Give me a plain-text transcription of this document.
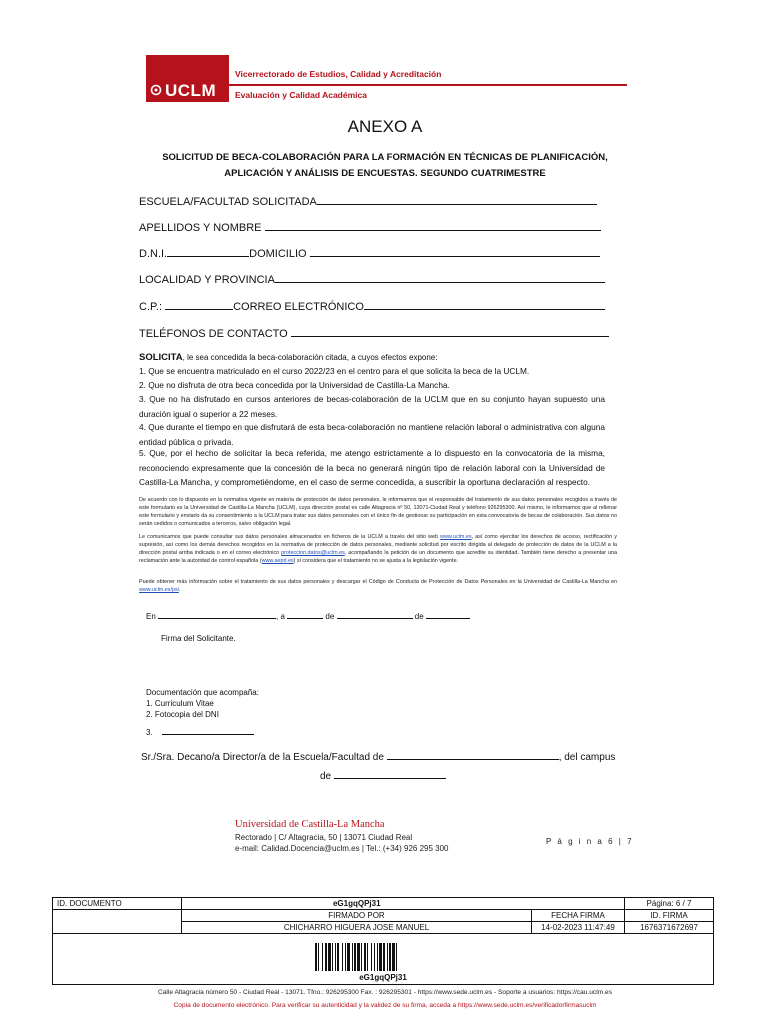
UCLM
Vicerrectorado de Estudios, Calidad y Acreditación
Evaluación y Calidad Académica
ANEXO A
SOLICITUD DE BECA-COLABORACIÓN PARA LA FORMACIÓN EN TÉCNICAS DE PLANIFICACIÓN, APLICACIÓN Y ANÁLISIS DE ENCUESTAS. SEGUNDO CUATRIMESTRE
ESCUELA/FACULTAD SOLICITADA
APELLIDOS Y NOMBRE
D.N.I.	DOMICILIO
LOCALIDAD Y PROVINCIA
C.P.:	CORREO ELECTRÓNICO
TELÉFONOS DE CONTACTO
SOLICITA, le sea concedida la beca-colaboración citada, a cuyos efectos expone:
1. Que se encuentra matriculado en el curso 2022/23 en el centro para el que solicita la beca de la UCLM.
2. Que no disfruta de otra beca concedida por la Universidad de Castilla-La Mancha.
3. Que no ha disfrutado en cursos anteriores de becas-colaboración de la UCLM que en su conjunto hayan supuesto una duración igual o superior a 22 meses.
4. Que durante el tiempo en que disfrutará de esta beca-colaboración no mantiene relación laboral o administrativa con alguna entidad pública o privada.
5. Que, por el hecho de solicitar la beca referida, me atengo estrictamente a lo dispuesto en la convocatoria de la misma, reconociendo expresamente que la concesión de la beca no generará ningún tipo de relación laboral con la Universidad de Castilla-La Mancha, y comprometiéndome, en el caso de serme concedida, a suscribir la oportuna declaración al respecto.
De acuerdo con lo dispuesto en la normativa vigente en materia de protección de datos personales, le informamos que el responsable del tratamiento de sus datos personales recogidos a través de este formulario es la Universidad de Castilla-La Mancha (UCLM), cuya dirección postal es calle Altagracia nº 50, 13071-Ciudad Real y teléfono 926295300. Así mismo, le informamos que al rellenar este formulario y enviarlo da su consentimiento a la UCLM para tratar sus datos personales con el único fin de gestionar su participación en esta convocatoria de becas de colaboración. Sus datos no serán cedidos o comunicados a terceros, salvo obligación legal.
Le comunicamos que puede consultar sus datos personales almacenados en ficheros de la UCLM a través del sitio web www.uclm.es, así como ejercitar los derechos de acceso, rectificación y supresión, así como los demás derechos recogidos en la normativa de protección de datos personales, mediante solicitud por escrito dirigida al delegado de protección de datos de la UCLM a la dirección postal arriba indicada o en el correo electrónico proteccion.datos@uclm.es, acompañando la petición de un documento que acredite su identidad. También tiene derecho a presentar una reclamación ante la autoridad de control española (www.aepd.es) si considera que el tratamiento no se ajusta a la legislación vigente.
Puede obtener más información sobre el tratamiento de sus datos personales y descargar el Código de Conducta de Protección de Datos Personales en la Universidad de Castilla-La Mancha en www.uclm.es/psi.
En	, a	de	de
Firma del Solicitante.
Documentación que acompaña:
1. Curriculum Vitae
2. Fotocopia del DNI
3.
Sr./Sra. Decano/a Director/a de la Escuela/Facultad de	, del campus
de
Universidad de Castilla-La Mancha
Rectorado | C/ Altagracia, 50 | 13071 Ciudad Real
e-mail: Calidad.Docencia@uclm.es | Tel.: (+34) 926 295 300
P á g i n a 6 | 7
ID. DOCUMENTO	eG1gqQPj31		Página: 6 / 7
	FIRMADO POR	FECHA FIRMA	ID. FIRMA
	CHICHARRO HIGUERA JOSE MANUEL	14-02-2023 11:47:49	1676371672697

eG1gqQPj31			
Calle Altagracia número 50 - Ciudad Real - 13071. Tfno.: 926295300 Fax. : 926295301 - https://www.sede.uclm.es - Soporte a usuarios: https://cau.uclm.es
Copia de documento electrónico. Para verificar su autenticidad y la validez de su firma, acceda a https://www.sede.uclm.es/verificadorfirmasuclm
